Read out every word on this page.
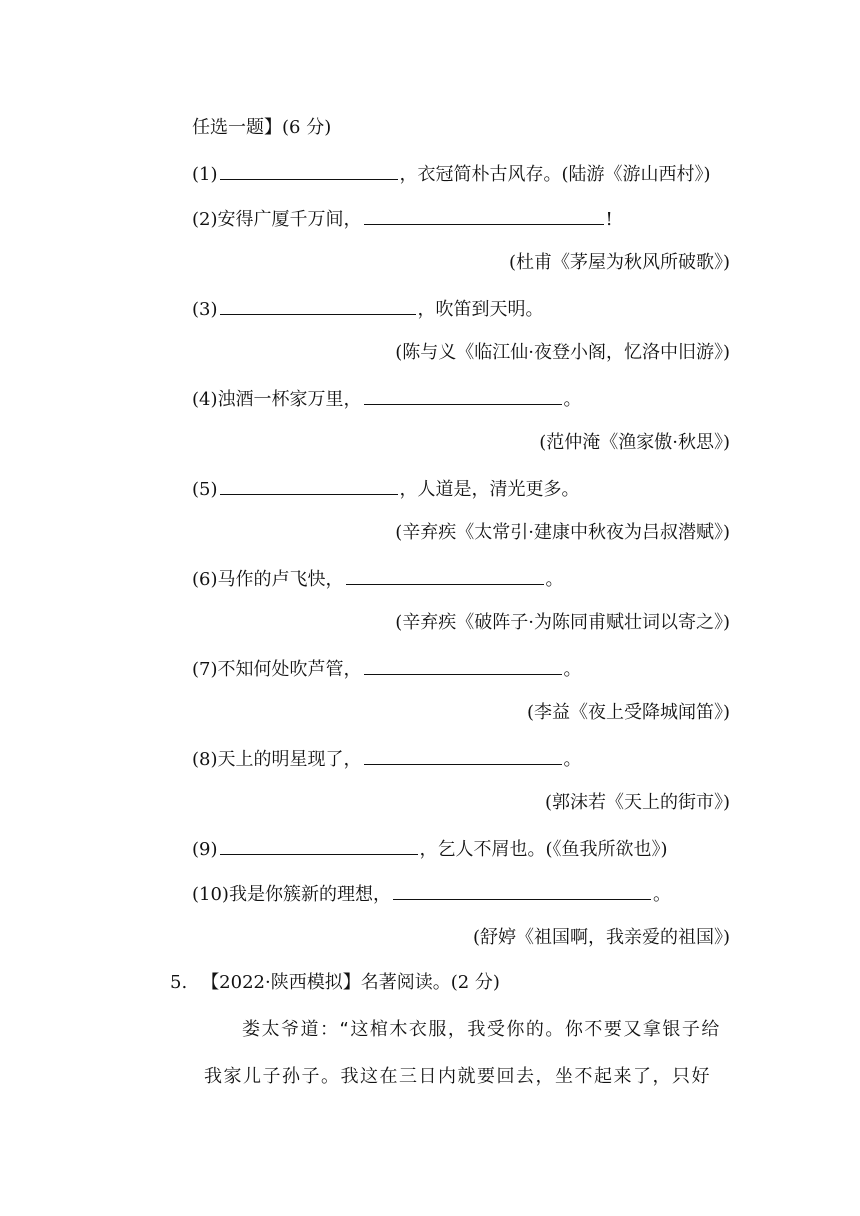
任选一题】(6 分)
(1)	，衣冠简朴古风存。(陆游《游山西村》)
(2)安得广厦千万间，	!
(杜甫《茅屋为秋风所破歌》)
(3)	，吹笛到天明。
(陈与义《临江仙·夜登小阁，忆洛中旧游》)
(4)浊酒一杯家万里，	。
(范仲淹《渔家傲·秋思》)
(5)	，人道是，清光更多。
(辛弃疾《太常引·建康中秋夜为吕叔潜赋》)
(6)马作的卢飞快，	。
(辛弃疾《破阵子·为陈同甫赋壮词以寄之》)
(7)不知何处吹芦管，	。
(李益《夜上受降城闻笛》)
(8)天上的明星现了，	。
(郭沫若《天上的街市》)
(9)	，乞人不屑也。(《鱼我所欲也》)
(10)我是你簇新的理想，	。
(舒婷《祖国啊，我亲爱的祖国》)
5. 【2022·陕西模拟】名著阅读。(2 分)
娄太爷道：“这棺木衣服，我受你的。你不要又拿银子给
我家儿子孙子。我这在三日内就要回去，坐不起来了，只好
